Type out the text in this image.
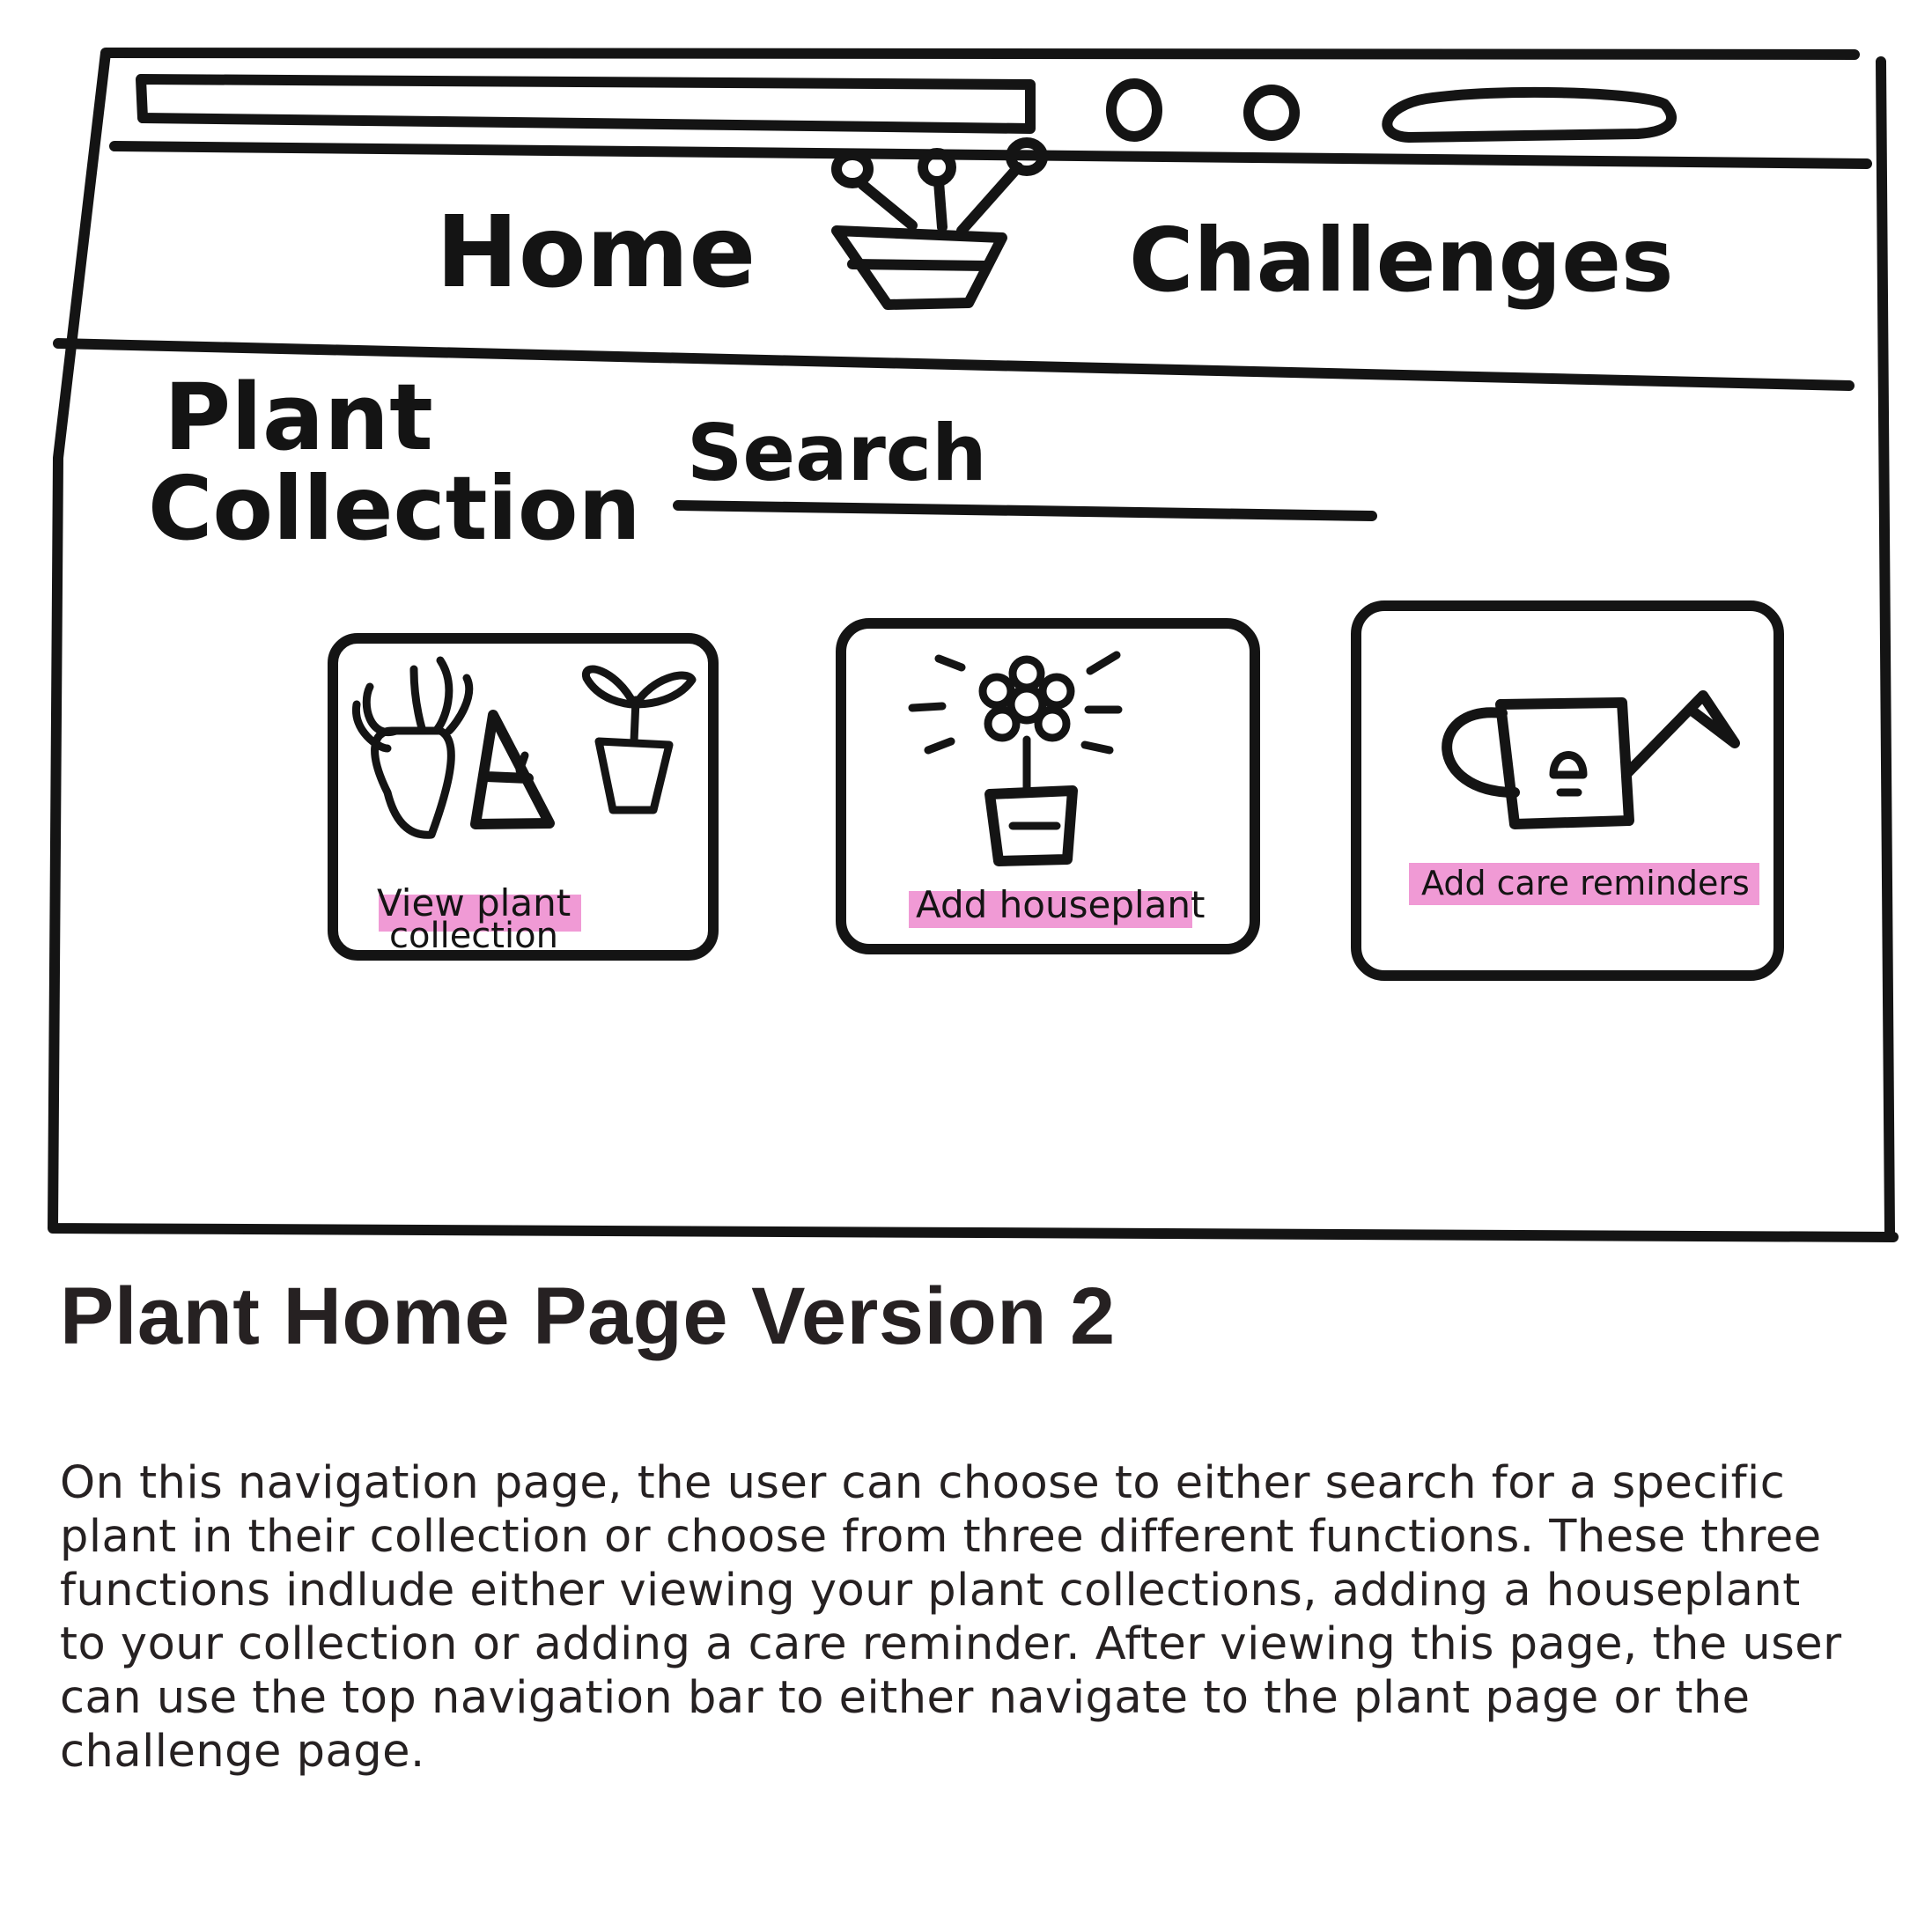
Home	Challenges
Plant
Collection
Search
View plant
collection
Add houseplant	Add care reminders
Plant Home Page Version 2

On this navigation page, the user can choose to either search for a specific plant in their collection or choose from three different functions. These three functions indlude either viewing your plant collections, adding a houseplant to your collection or adding a care reminder. After viewing this page, the user can use the top navigation bar to either navigate to the plant page or the challenge page.
